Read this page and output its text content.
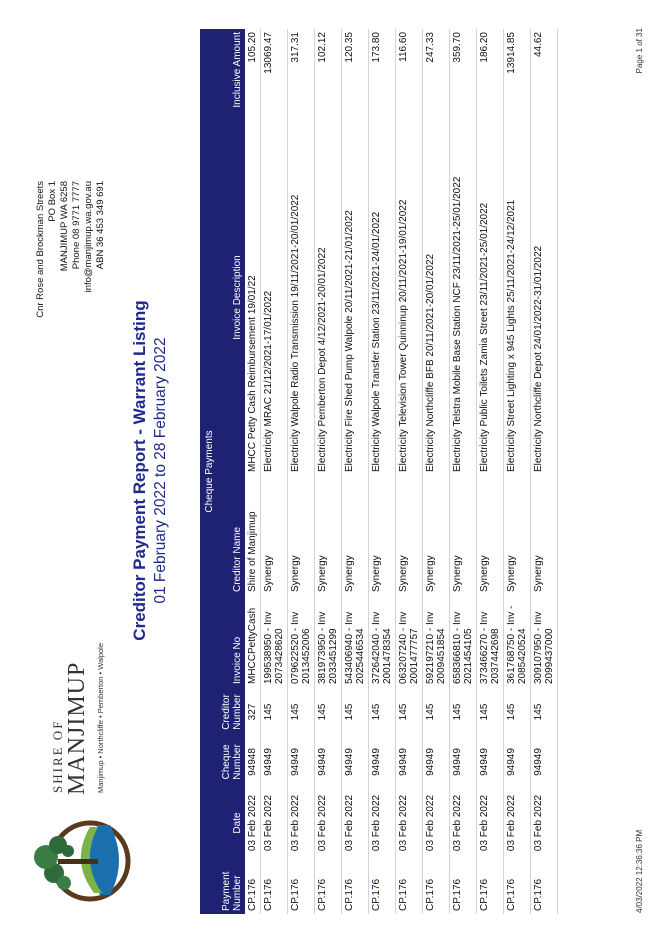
SHIRE OF MANJIMUP Manjimup • Northcliffe • Pemberton • Walpole
Cnr Rose and Brockman Streets PO Box 1 MANJIMUP WA 6258 Phone 08 9771 7777 info@manjimup.wa.gov.au ABN 36 453 349 691
Creditor Payment Report - Warrant Listing 01 February 2022 to 28 February 2022	Cheque Payments							
Payment Number	Date	Cheque Number	Creditor Number	Invoice No	Creditor Name	Invoice Description	Inclusive Amount
CP.176	03 Feb 2022	94948	327	MHCCPettyCash	Shire of Manjimup	MHCC Petty Cash Reimbursement 19/01/22	105.20
CP.176	03 Feb 2022	94949	145	199538950 - Inv 2073428620	Synergy	Electricity MRAC 21/12/2021-17/01/2022	13069.47
CP.176	03 Feb 2022	94949	145	079622520 - Inv 2013452006	Synergy	Electricity Walpole Radio Transmission 19/11/2021-20/01/2022	317.31
CP.176	03 Feb 2022	94949	145	381973950 - Inv 2033451299	Synergy	Electricity Pemberton Depot 4/12/2021-20/01/2022	102.12
CP.176	03 Feb 2022	94949	145	543406940 - Inv 2025446534	Synergy	Electricity Fire Shed Pump Walpole 20/11/2021-21/01/2022	120.35
CP.176	03 Feb 2022	94949	145	372642040 - Inv 2001478354	Synergy	Electricity Walpole Transfer Station 23/11/2021-24/01/2022	173.80
CP.176	03 Feb 2022	94949	145	063207240 - Inv 2001477757	Synergy	Electricity Television Tower Quinninup 20/11/2021-19/01/2022	116.60
CP.176	03 Feb 2022	94949	145	592197210 - Inv 2009451854	Synergy	Electricity Northcliffe BFB 20/11/2021-20/01/2022	247.33
CP.176	03 Feb 2022	94949	145	658366810 - Inv 2021454105	Synergy	Electricity Telstra Mobile Base Station NCF 23/11/2021-25/01/2022	359.70
CP.176	03 Feb 2022	94949	145	373466270 - Inv 2037442698	Synergy	Electricity Public Toilets Zamia Street 23/11/2021-25/01/2022	186.20
CP.176	03 Feb 2022	94949	145	361768750 - Inv - 2085420524	Synergy	Electricity Street Lighting x 945 Lights 25/11/2021-24/12/2021	13914.85
CP.176	03 Feb 2022	94949	145	309107950 - Inv 2099437000	Synergy	Electricity Northcliffe Depot 24/01/2022-31/01/2022	44.62
4/03/2022 12:36:36 PM
Page 1 of 31
